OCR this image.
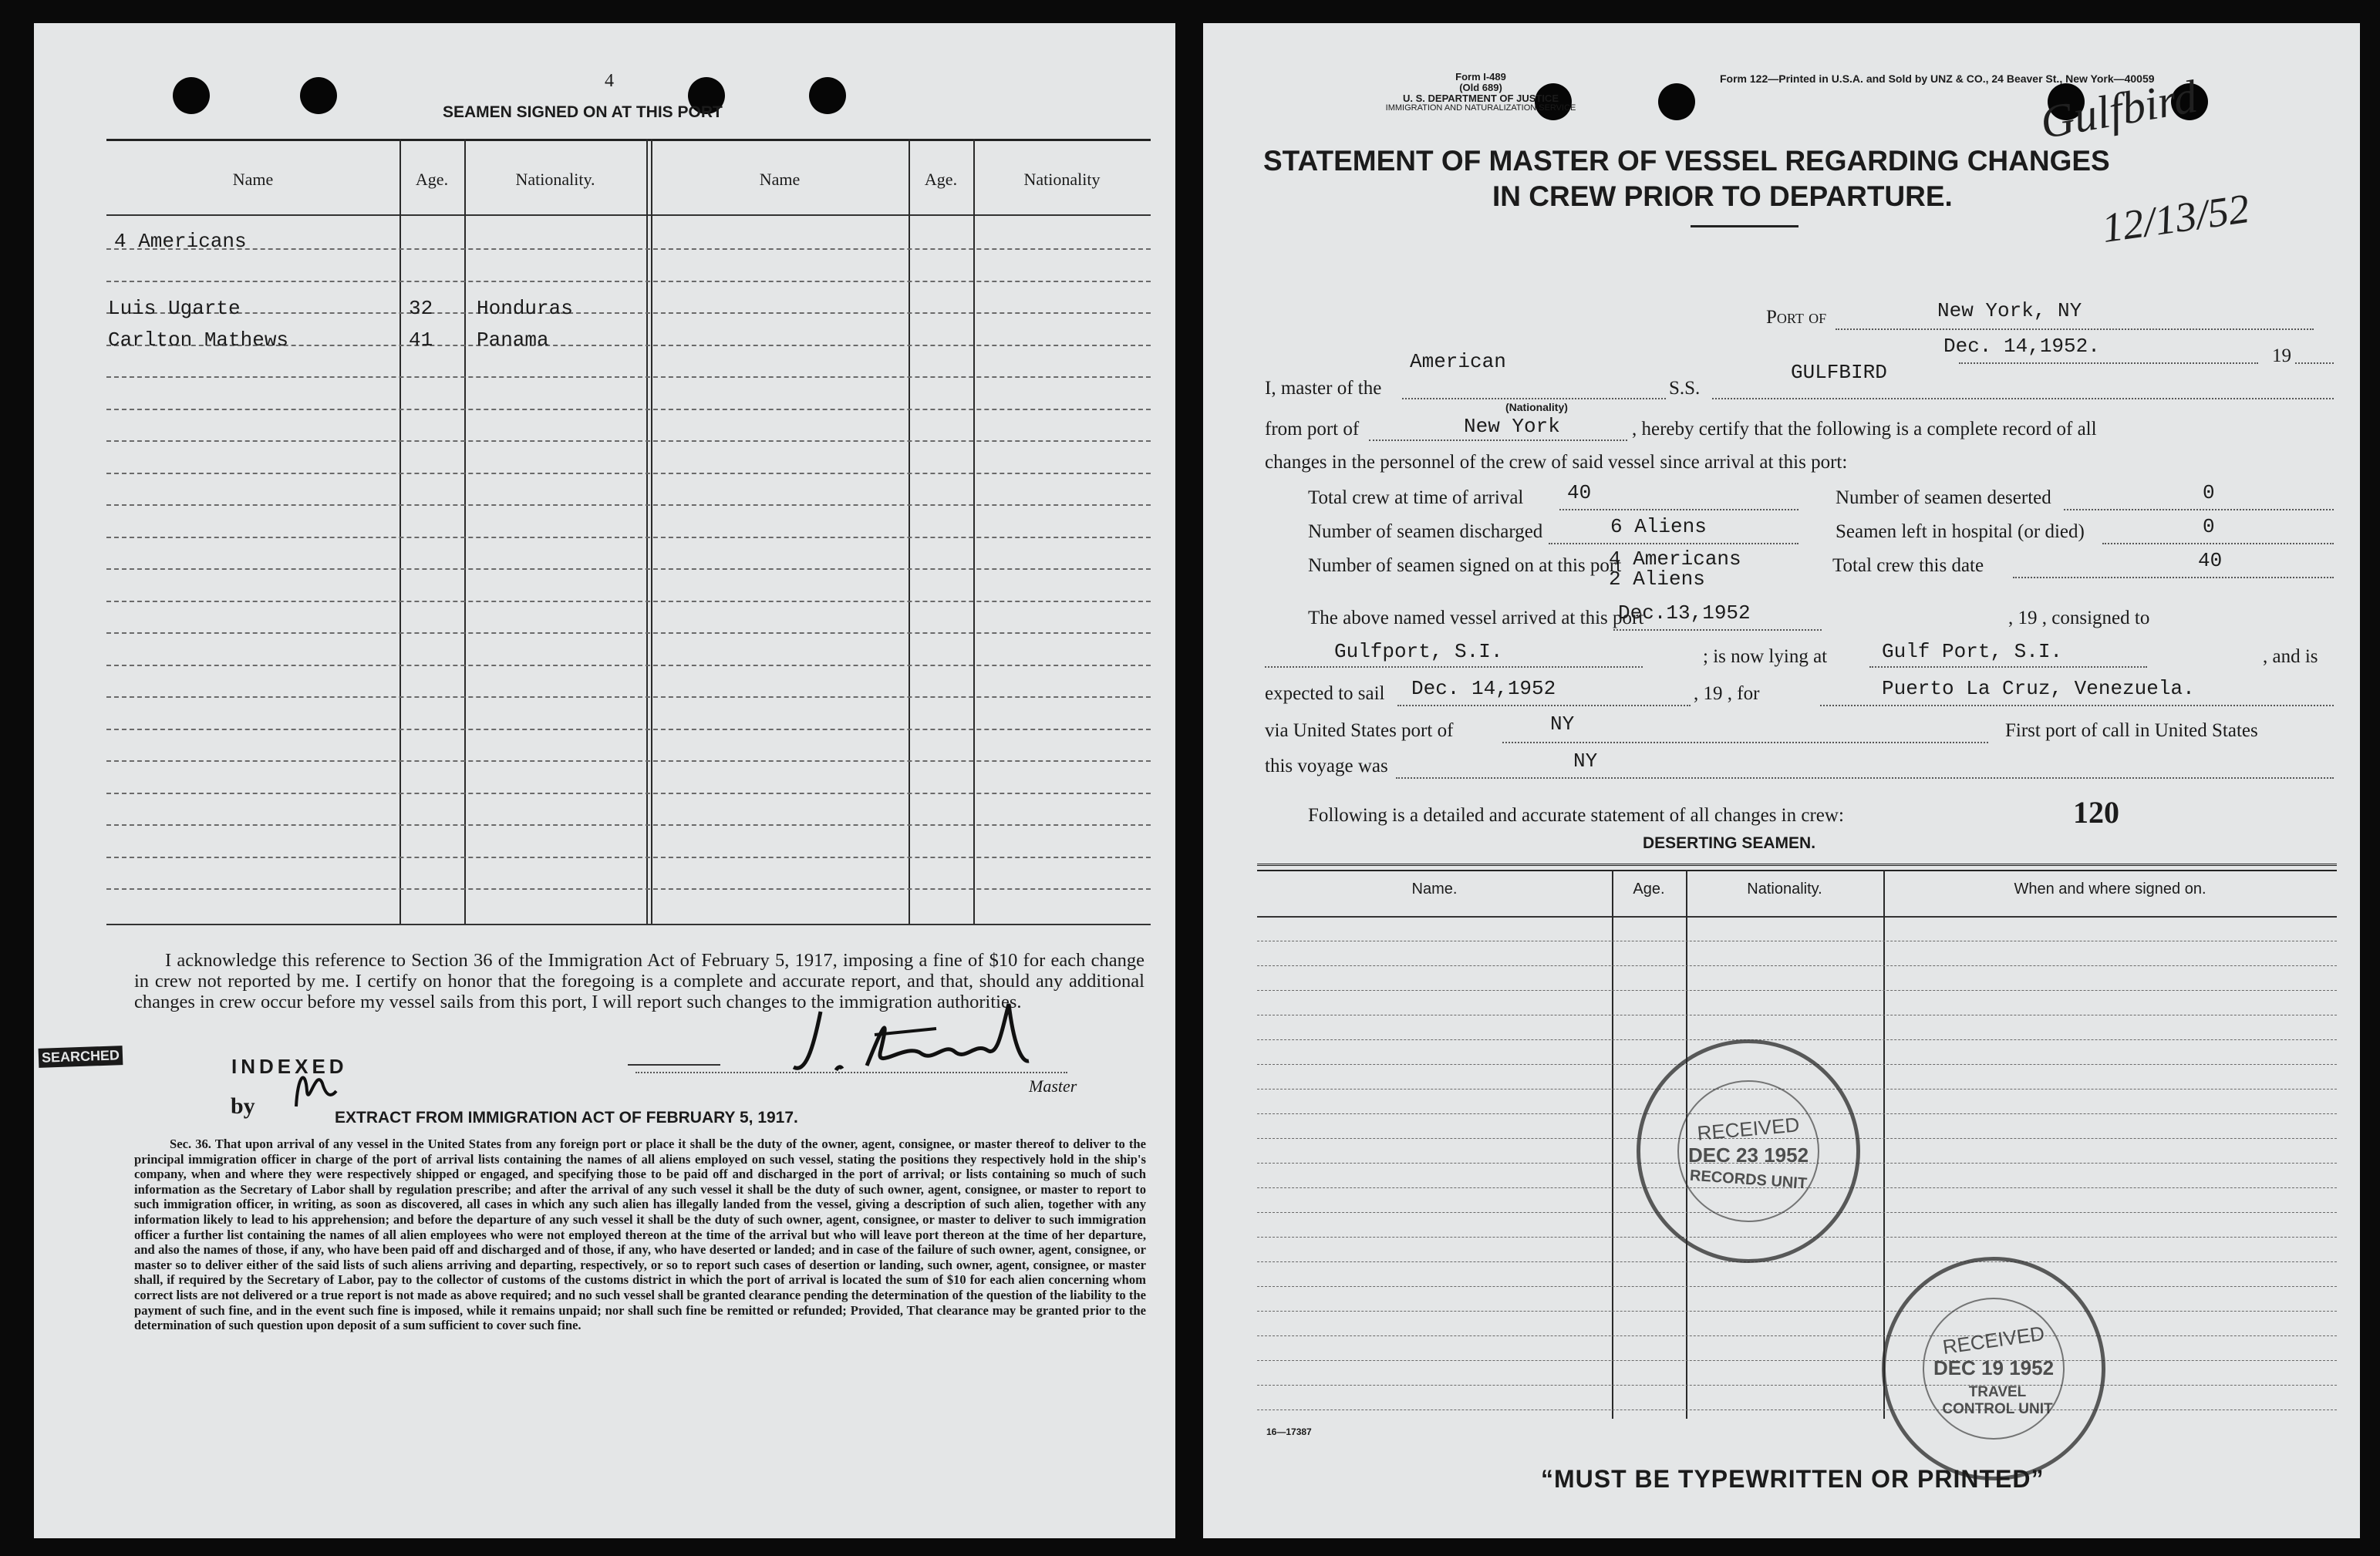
4
SEAMEN SIGNED ON AT THIS PORT
Name	Age.	Nationality.	Name	Age.	Nationality
4 Americans
Luis Ugarte	32 Honduras
Carlton Mathews	41 Panama
I acknowledge this reference to Section 36 of the Immigration Act of February 5, 1917, imposing a fine of $10 for each change in crew not reported by me. I certify on honor that the foregoing is a complete and accurate report, and that, should any additional changes in crew occur before my vessel sails from this port, I will report such changes to the immigration authorities.
SEARCHED	INDEXED
by
Master
EXTRACT FROM IMMIGRATION ACT OF FEBRUARY 5, 1917.
Sec. 36. That upon arrival of any vessel in the United States from any foreign port or place it shall be the duty of the owner, agent, consignee, or master thereof to deliver to the principal immigration officer in charge of the port of arrival lists containing the names of all aliens employed on such vessel, stating the positions they respectively hold in the ship's company, when and where they were respectively shipped or engaged, and specifying those to be paid off and discharged in the port of arrival; or lists containing so much of such information as the Secretary of Labor shall by regulation prescribe; and after the arrival of any such vessel it shall be the duty of such owner, agent, consignee, or master to report to such immigration officer, in writing, as soon as discovered, all cases in which any such alien has illegally landed from the vessel, giving a description of such alien, together with any information likely to lead to his apprehension; and before the departure of any such vessel it shall be the duty of such owner, agent, consignee, or master to deliver to such immigration officer a further list containing the names of all alien employees who were not employed thereon at the time of the arrival but who will leave port thereon at the time of her departure, and also the names of those, if any, who have been paid off and discharged and of those, if any, who have deserted or landed; and in case of the failure of such owner, agent, consignee, or master so to deliver either of the said lists of such aliens arriving and departing, respectively, or so to report such cases of desertion or landing, such owner, agent, consignee, or master shall, if required by the Secretary of Labor, pay to the collector of customs of the customs district in which the port of arrival is located the sum of $10 for each alien concerning whom correct lists are not delivered or a true report is not made as above required; and no such vessel shall be granted clearance pending the determination of the question of the liability to the payment of such fine, and in the event such fine is imposed, while it remains unpaid; nor shall such fine be remitted or refunded; Provided, That clearance may be granted prior to the determination of such question upon deposit of a sum sufficient to cover such fine.
Form I-489
(Old 689)
U. S. DEPARTMENT OF JUSTICE
IMMIGRATION AND NATURALIZATION SERVICE
Form 122—Printed in U.S.A. and Sold by UNZ & CO., 24 Beaver St., New York—40059
Gulfbird
12/13/52
STATEMENT OF MASTER OF VESSEL REGARDING CHANGES
IN CREW PRIOR TO DEPARTURE.
Port of	New York, NY
Dec. 14,1952.	19
I, master of the
American
(Nationality)
S.S.
GULFBIRD
from port of	New York	, hereby certify that the following is a complete record of all
changes in the personnel of the crew of said vessel since arrival at this port:
Total crew at time of arrival 40	Number of seamen deserted	0
Number of seamen discharged	6 Aliens	Seamen left in hospital (or died)	0
Number of seamen signed on at this port
4 Americans
2 Aliens
Total crew this date	40
The above named vessel arrived at this port
Dec.13,1952	, 19 , consigned to
Gulfport, S.I.	; is now lying at	Gulf Port, S.I.	, and is
expected to sail Dec. 14,1952	, 19 , for	Puerto La Cruz, Venezuela.
via United States port of	NY	First port of call in United States
this voyage was	NY
Following is a detailed and accurate statement of all changes in crew:	120
DESERTING SEAMEN.
Name.	Age.	Nationality.	When and where signed on.
RECEIVED
DEC 23 1952
RECORDS UNIT
RECEIVED
DEC 19 1952
TRAVEL CONTROL UNIT
16—17387
“MUST BE TYPEWRITTEN OR PRINTED”
